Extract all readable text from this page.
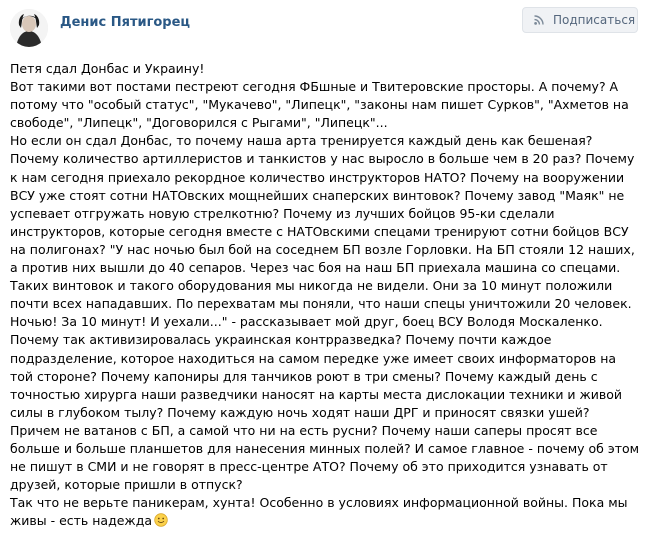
Денис Пятигорец	Подписаться
Петя сдал Донбас и Украину!
Вот такими вот постами пестреют сегодня ФБшные и Твитеровские просторы. А почему? А потому что "особый статус", "Мукачево", "Липецк", "законы нам пишет Сурков", "Ахметов на свободе", "Липецк", "Договорился с Рыгами", "Липецк"...
Но если он сдал Донбас, то почему наша арта тренируется каждый день как бешеная? Почему количество артиллеристов и танкистов у нас выросло в больше чем в 20 раз? Почему к нам сегодня приехало рекордное количество инструкторов НАТО? Почему на вооружении ВСУ уже стоят сотни НАТОвских мощнейших снаперских винтовок? Почему завод "Маяк" не успевает отгружать новую стрелкотню? Почему из лучших бойцов 95-ки сделали инструкторов, которые сегодня вместе с НАТОвскими спецами тренируют сотни бойцов ВСУ на полигонах? "У нас ночью был бой на соседнем БП возле Горловки. На БП стояли 12 наших, а против них вышли до 40 сепаров. Через час боя на наш БП приехала машина со спецами. Таких винтовок и такого оборудования мы никогда не видели. Они за 10 минут положили почти всех нападавших. По перехватам мы поняли, что наши спецы уничтожили 20 человек. Ночью! За 10 минут! И уехали..." - рассказывает мой друг, боец ВСУ Володя Москаленко. Почему так активизировалась украинская контрразведка? Почему почти каждое подразделение, которое находиться на самом передке уже имеет своих информаторов на той стороне? Почему капониры для танчиков роют в три смены? Почему каждый день с точностью хирурга наши разведчики наносят на карты места дислокации техники и живой силы в глубоком тылу? Почему каждую ночь ходят наши ДРГ и приносят связки ушей? Причем не ватанов с БП, а самой что ни на есть русни? Почему наши саперы просят все больше и больше планшетов для нанесения минных полей? И самое главное - почему об этом не пишут в СМИ и не говорят в пресс-центре АТО? Почему об это приходится узнавать от друзей, которые пришли в отпуск?
Так что не верьте паникерам, хунта! Особенно в условиях информационной войны. Пока мы живы - есть надежда
